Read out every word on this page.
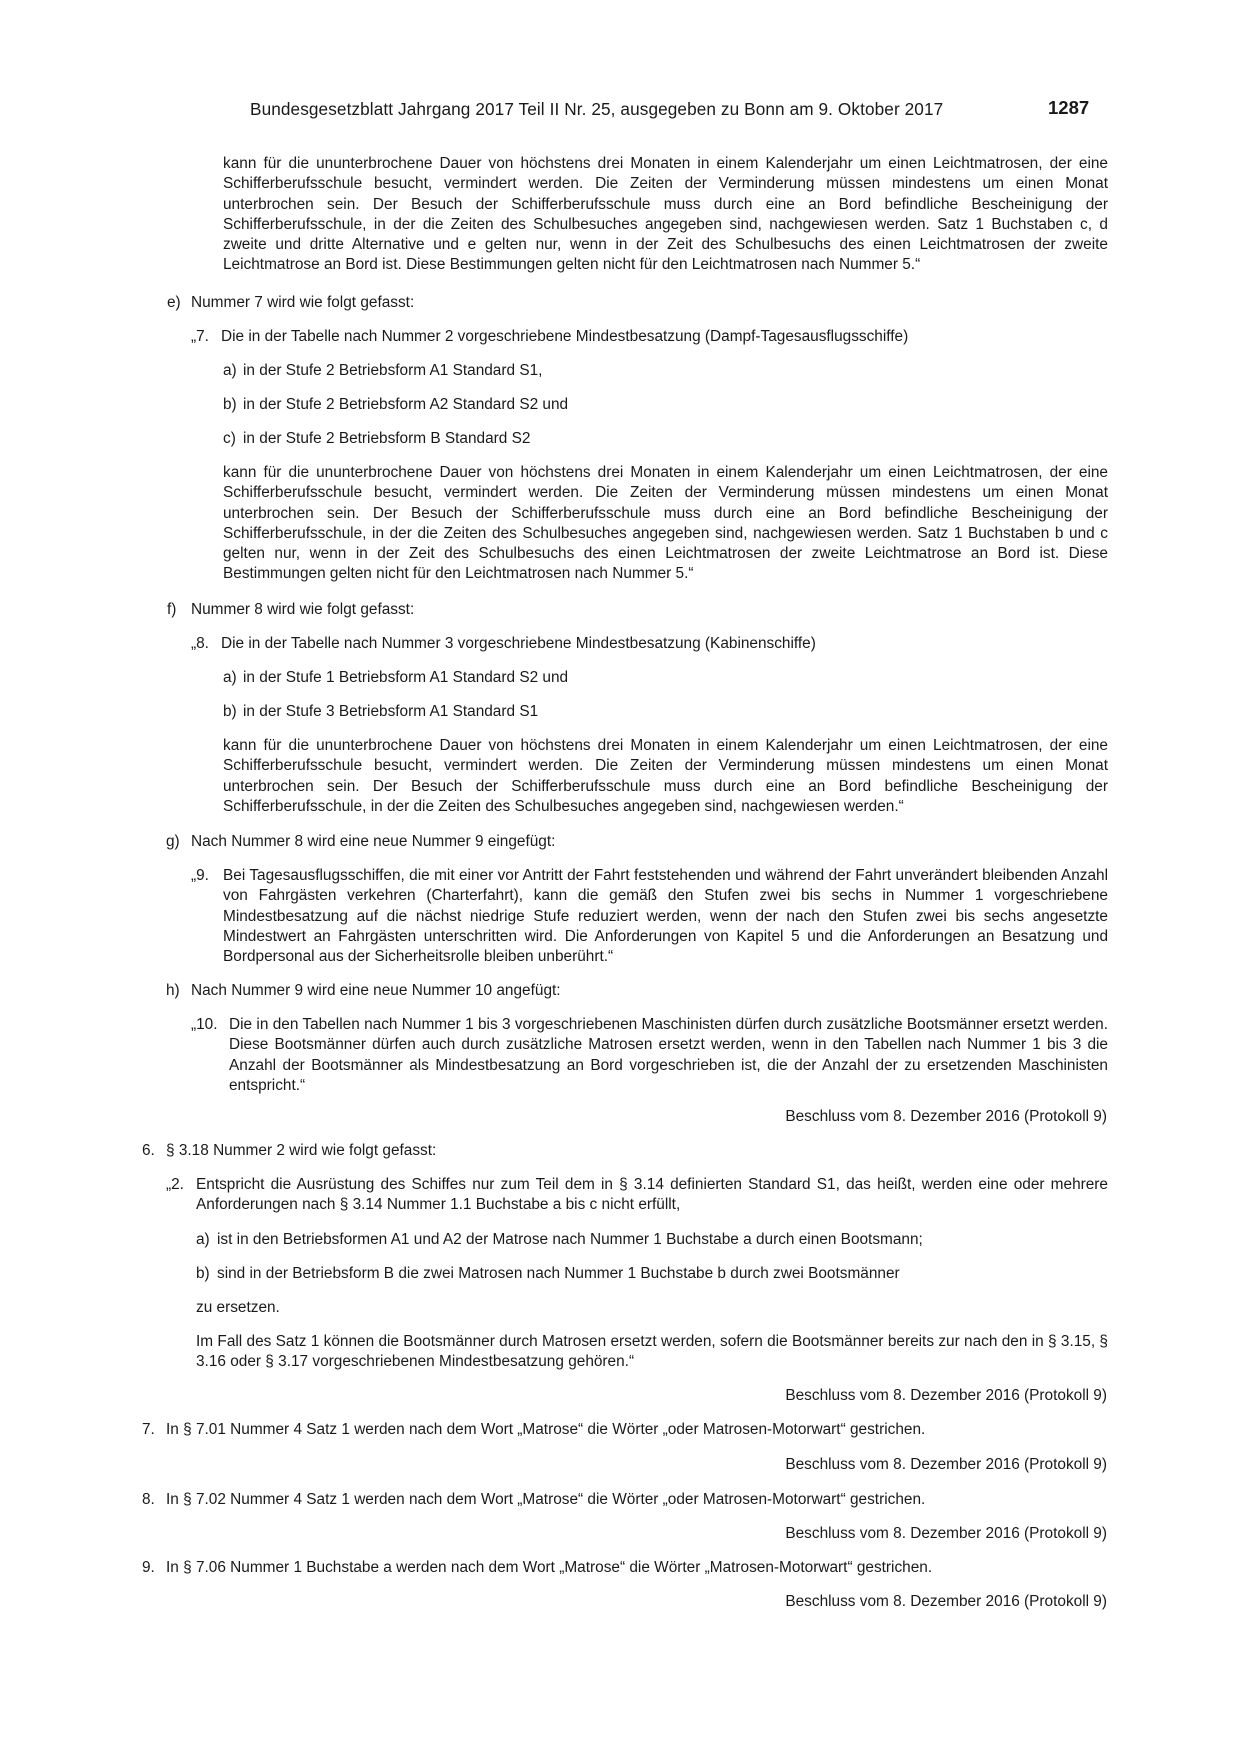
Bundesgesetzblatt Jahrgang 2017 Teil II Nr. 25, ausgegeben zu Bonn am 9. Oktober 2017	1287
kann für die ununterbrochene Dauer von höchstens drei Monaten in einem Kalenderjahr um einen Leichtmatrosen, der eine Schifferberufsschule besucht, vermindert werden. Die Zeiten der Verminderung müssen mindestens um einen Monat unterbrochen sein. Der Besuch der Schifferberufsschule muss durch eine an Bord befindliche Bescheinigung der Schifferberufsschule, in der die Zeiten des Schulbesuches angegeben sind, nachgewiesen werden. Satz 1 Buchstaben c, d zweite und dritte Alternative und e gelten nur, wenn in der Zeit des Schulbesuchs des einen Leichtmatrosen der zweite Leichtmatrose an Bord ist. Diese Bestimmungen gelten nicht für den Leichtmatrosen nach Nummer 5.“
e) Nummer 7 wird wie folgt gefasst:
„7. Die in der Tabelle nach Nummer 2 vorgeschriebene Mindestbesatzung (Dampf-Tagesausflugsschiffe)
a) in der Stufe 2 Betriebsform A1 Standard S1,
b) in der Stufe 2 Betriebsform A2 Standard S2 und
c) in der Stufe 2 Betriebsform B Standard S2
kann für die ununterbrochene Dauer von höchstens drei Monaten in einem Kalenderjahr um einen Leichtmatrosen, der eine Schifferberufsschule besucht, vermindert werden. Die Zeiten der Verminderung müssen mindestens um einen Monat unterbrochen sein. Der Besuch der Schifferberufsschule muss durch eine an Bord befindliche Bescheinigung der Schifferberufsschule, in der die Zeiten des Schulbesuches angegeben sind, nachgewiesen werden. Satz 1 Buchstaben b und c gelten nur, wenn in der Zeit des Schulbesuchs des einen Leichtmatrosen der zweite Leichtmatrose an Bord ist. Diese Bestimmungen gelten nicht für den Leichtmatrosen nach Nummer 5.“
f) Nummer 8 wird wie folgt gefasst:
„8. Die in der Tabelle nach Nummer 3 vorgeschriebene Mindestbesatzung (Kabinenschiffe)
a) in der Stufe 1 Betriebsform A1 Standard S2 und
b) in der Stufe 3 Betriebsform A1 Standard S1
kann für die ununterbrochene Dauer von höchstens drei Monaten in einem Kalenderjahr um einen Leichtmatrosen, der eine Schifferberufsschule besucht, vermindert werden. Die Zeiten der Verminderung müssen mindestens um einen Monat unterbrochen sein. Der Besuch der Schifferberufsschule muss durch eine an Bord befindliche Bescheinigung der Schifferberufsschule, in der die Zeiten des Schulbesuches angegeben sind, nachgewiesen werden.“
g) Nach Nummer 8 wird eine neue Nummer 9 eingefügt:
„9. Bei Tagesausflugsschiffen, die mit einer vor Antritt der Fahrt feststehenden und während der Fahrt unverändert bleibenden Anzahl von Fahrgästen verkehren (Charterfahrt), kann die gemäß den Stufen zwei bis sechs in Nummer 1 vorgeschriebene Mindestbesatzung auf die nächst niedrige Stufe reduziert werden, wenn der nach den Stufen zwei bis sechs angesetzte Mindestwert an Fahrgästen unterschritten wird. Die Anforderungen von Kapitel 5 und die Anforderungen an Besatzung und Bordpersonal aus der Sicherheitsrolle bleiben unberührt.“
h) Nach Nummer 9 wird eine neue Nummer 10 angefügt:
„10. Die in den Tabellen nach Nummer 1 bis 3 vorgeschriebenen Maschinisten dürfen durch zusätzliche Bootsmänner ersetzt werden. Diese Bootsmänner dürfen auch durch zusätzliche Matrosen ersetzt werden, wenn in den Tabellen nach Nummer 1 bis 3 die Anzahl der Bootsmänner als Mindestbesatzung an Bord vorgeschrieben ist, die der Anzahl der zu ersetzenden Maschinisten entspricht.“
Beschluss vom 8. Dezember 2016 (Protokoll 9)
6. § 3.18 Nummer 2 wird wie folgt gefasst:
„2. Entspricht die Ausrüstung des Schiffes nur zum Teil dem in § 3.14 definierten Standard S1, das heißt, werden eine oder mehrere Anforderungen nach § 3.14 Nummer 1.1 Buchstabe a bis c nicht erfüllt,
a) ist in den Betriebsformen A1 und A2 der Matrose nach Nummer 1 Buchstabe a durch einen Bootsmann;
b) sind in der Betriebsform B die zwei Matrosen nach Nummer 1 Buchstabe b durch zwei Bootsmänner
zu ersetzen.
Im Fall des Satz 1 können die Bootsmänner durch Matrosen ersetzt werden, sofern die Bootsmänner bereits zur nach den in § 3.15, § 3.16 oder § 3.17 vorgeschriebenen Mindestbesatzung gehören.“
Beschluss vom 8. Dezember 2016 (Protokoll 9)
7. In § 7.01 Nummer 4 Satz 1 werden nach dem Wort „Matrose“ die Wörter „oder Matrosen-Motorwart“ gestrichen.
Beschluss vom 8. Dezember 2016 (Protokoll 9)
8. In § 7.02 Nummer 4 Satz 1 werden nach dem Wort „Matrose“ die Wörter „oder Matrosen-Motorwart“ gestrichen.
Beschluss vom 8. Dezember 2016 (Protokoll 9)
9. In § 7.06 Nummer 1 Buchstabe a werden nach dem Wort „Matrose“ die Wörter „Matrosen-Motorwart“ gestrichen.
Beschluss vom 8. Dezember 2016 (Protokoll 9)
